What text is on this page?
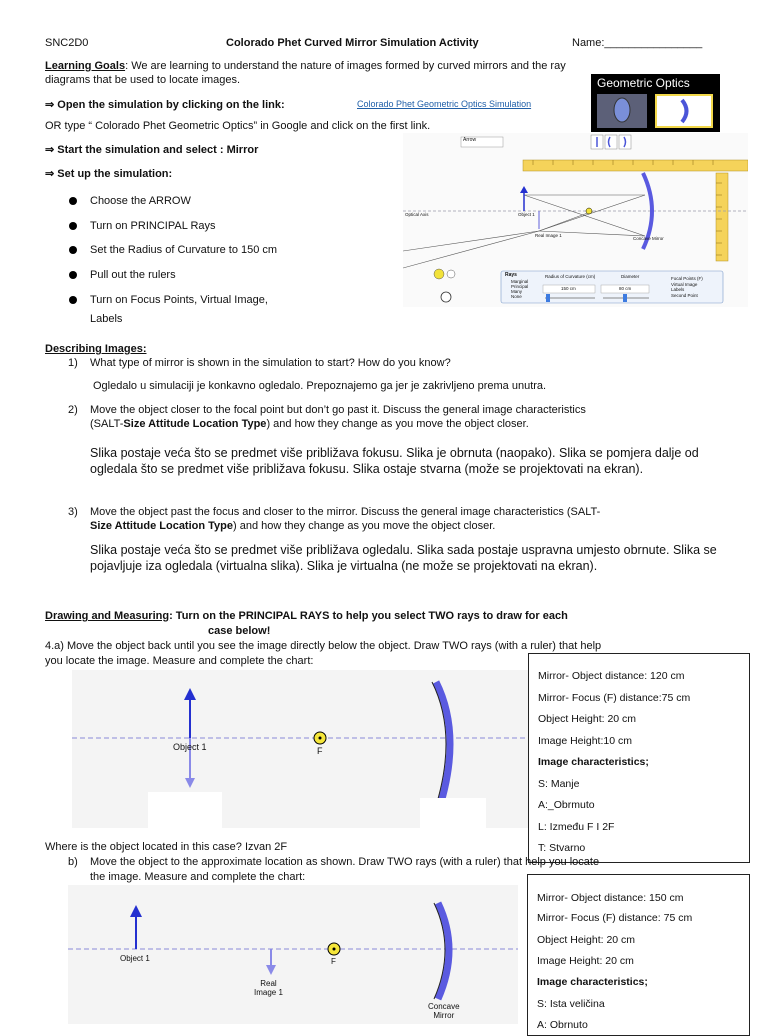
SNC2D0	Colorado Phet Curved Mirror Simulation Activity	Name:________________
Learning Goals: We are learning to understand the nature of images formed by curved mirrors and the ray
diagrams that be used to locate images.
⇒ Open the simulation by clicking on the link:	Colorado Phet Geometric Optics Simulation
OR type “ Colorado Phet Geometric Optics” in Google and click on the first link.
⇒ Start the simulation and select : Mirror
⇒ Set up the simulation:
Choose the ARROW
Turn on PRINCIPAL Rays
Set the Radius of Curvature to 150 cm
Pull out the rulers
Turn on Focus Points, Virtual Image,
Labels
Geometric Optics
Arrow
Optical Axis	Object 1
Real Image 1
Concave Mirror
Rays
Marginal
Principal
Many
None
Radius of Curvature (cm)
150 cm
Diameter
80 cm
Focal Points (F)
Virtual Image
Labels
Second Point
Describing Images:
1) What type of mirror is shown in the simulation to start? How do you know?
Ogledalo u simulaciji je konkavno ogledalo. Prepoznajemo ga jer je zakrivljeno prema unutra.
2) Move the object closer to the focal point but don’t go past it. Discuss the general image characteristics
(SALT-Size Attitude Location Type) and how they change as you move the object closer.
Slika postaje veća što se predmet više približava fokusu. Slika je obrnuta (naopako). Slika se pomjera dalje od ogledala što se predmet više približava fokusu. Slika ostaje stvarna (može se projektovati na ekran).
3) Move the object past the focus and closer to the mirror. Discuss the general image characteristics (SALT-
Size Attitude Location Type) and how they change as you move the object closer.
Slika postaje veća što se predmet više približava ogledalu. Slika sada postaje uspravna umjesto obrnute. Slika se pojavljuje iza ogledala (virtualna slika). Slika je virtualna (ne može se projektovati na ekran).
Drawing and Measuring: Turn on the PRINCIPAL RAYS to help you select TWO rays to draw for each
case below!
4.a) Move the object back until you see the image directly below the object. Draw TWO rays (with a ruler) that help
you locate the image. Measure and complete the chart:
Object 1	F
Mirror- Object distance: 120 cm
Mirror- Focus (F) distance:75 cm
Object Height: 20 cm
Image Height:10 cm
Image characteristics;
S: Manje
A:_Obrmuto
L: Između F I 2F
T: Stvarno
Where is the object located in this case? Izvan 2F
b) Move the object to the approximate location as shown. Draw TWO rays (with a ruler) that help you locate
the image. Measure and complete the chart:
Object 1	F
Real
Image 1
Concave
Mirror
Mirror- Object distance: 150 cm
Mirror- Focus (F) distance: 75 cm
Object Height: 20 cm
Image Height: 20 cm
Image characteristics;
S: Ista veličina
A: Obrnuto
